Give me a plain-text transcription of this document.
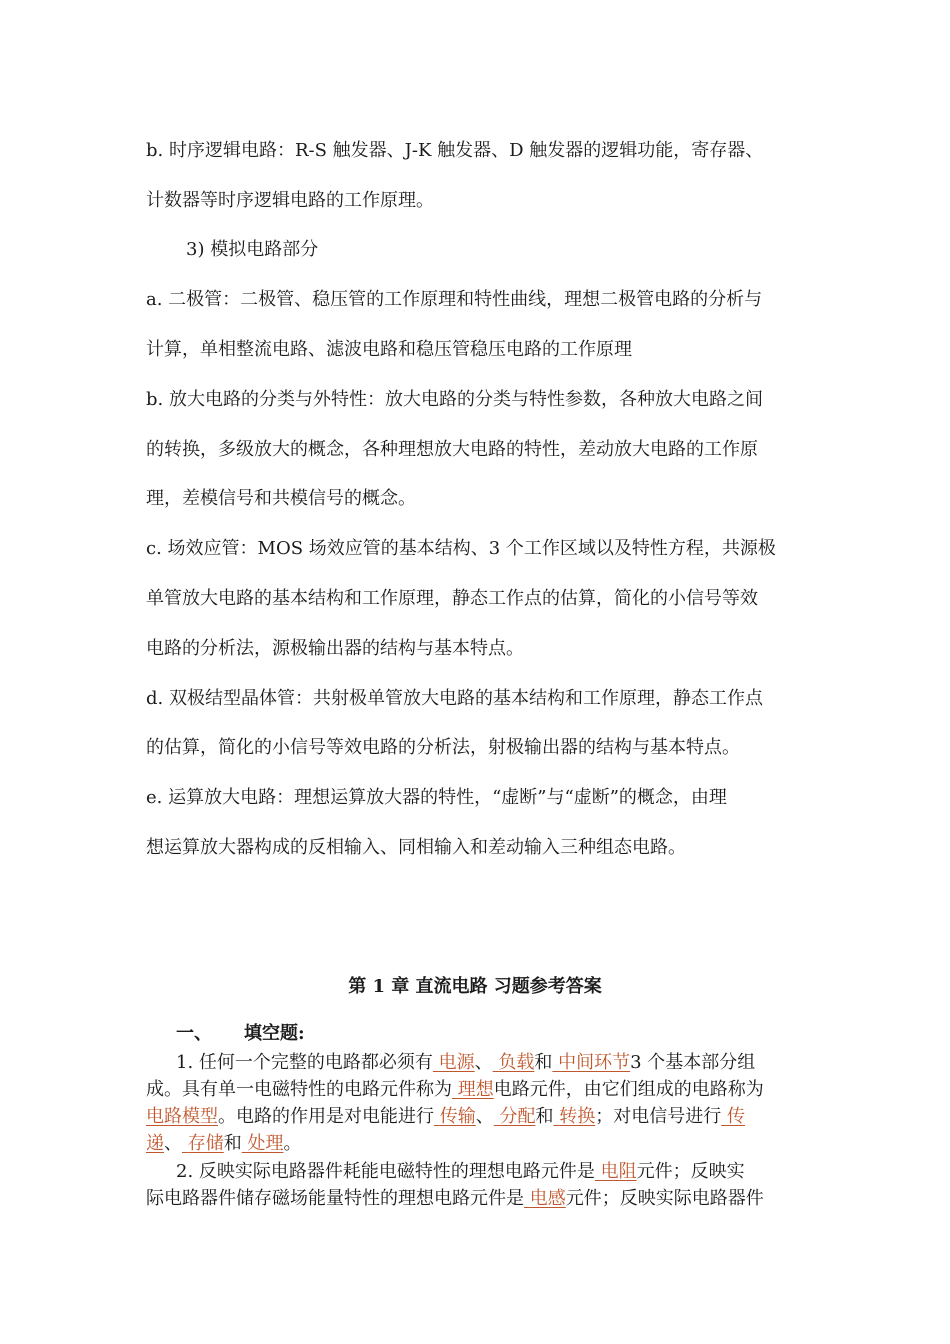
b. 时序逻辑电路：R-S 触发器、J-K 触发器、D 触发器的逻辑功能，寄存器、
计数器等时序逻辑电路的工作原理。
3) 模拟电路部分
a. 二极管：二极管、稳压管的工作原理和特性曲线，理想二极管电路的分析与
计算，单相整流电路、滤波电路和稳压管稳压电路的工作原理
b. 放大电路的分类与外特性：放大电路的分类与特性参数，各种放大电路之间
的转换，多级放大的概念，各种理想放大电路的特性，差动放大电路的工作原
理，差模信号和共模信号的概念。
c. 场效应管：MOS 场效应管的基本结构、3 个工作区域以及特性方程，共源极
单管放大电路的基本结构和工作原理，静态工作点的估算，简化的小信号等效
电路的分析法，源极输出器的结构与基本特点。
d. 双极结型晶体管：共射极单管放大电路的基本结构和工作原理，静态工作点
的估算，简化的小信号等效电路的分析法，射极输出器的结构与基本特点。
e. 运算放大电路：理想运算放大器的特性，“虚断”与“虚断”的概念，由理
想运算放大器构成的反相输入、同相输入和差动输入三种组态电路。
第 1 章 直流电路 习题参考答案
一、 填空题:
1. 任何一个完整的电路都必须有 电源、 负载和 中间环节3 个基本部分组
成。具有单一电磁特性的电路元件称为 理想电路元件，由它们组成的电路称为
电路模型。电路的作用是对电能进行 传输、 分配和 转换；对电信号进行 传
递、 存储和 处理。
2. 反映实际电路器件耗能电磁特性的理想电路元件是 电阻元件；反映实
际电路器件储存磁场能量特性的理想电路元件是 电感元件；反映实际电路器件
